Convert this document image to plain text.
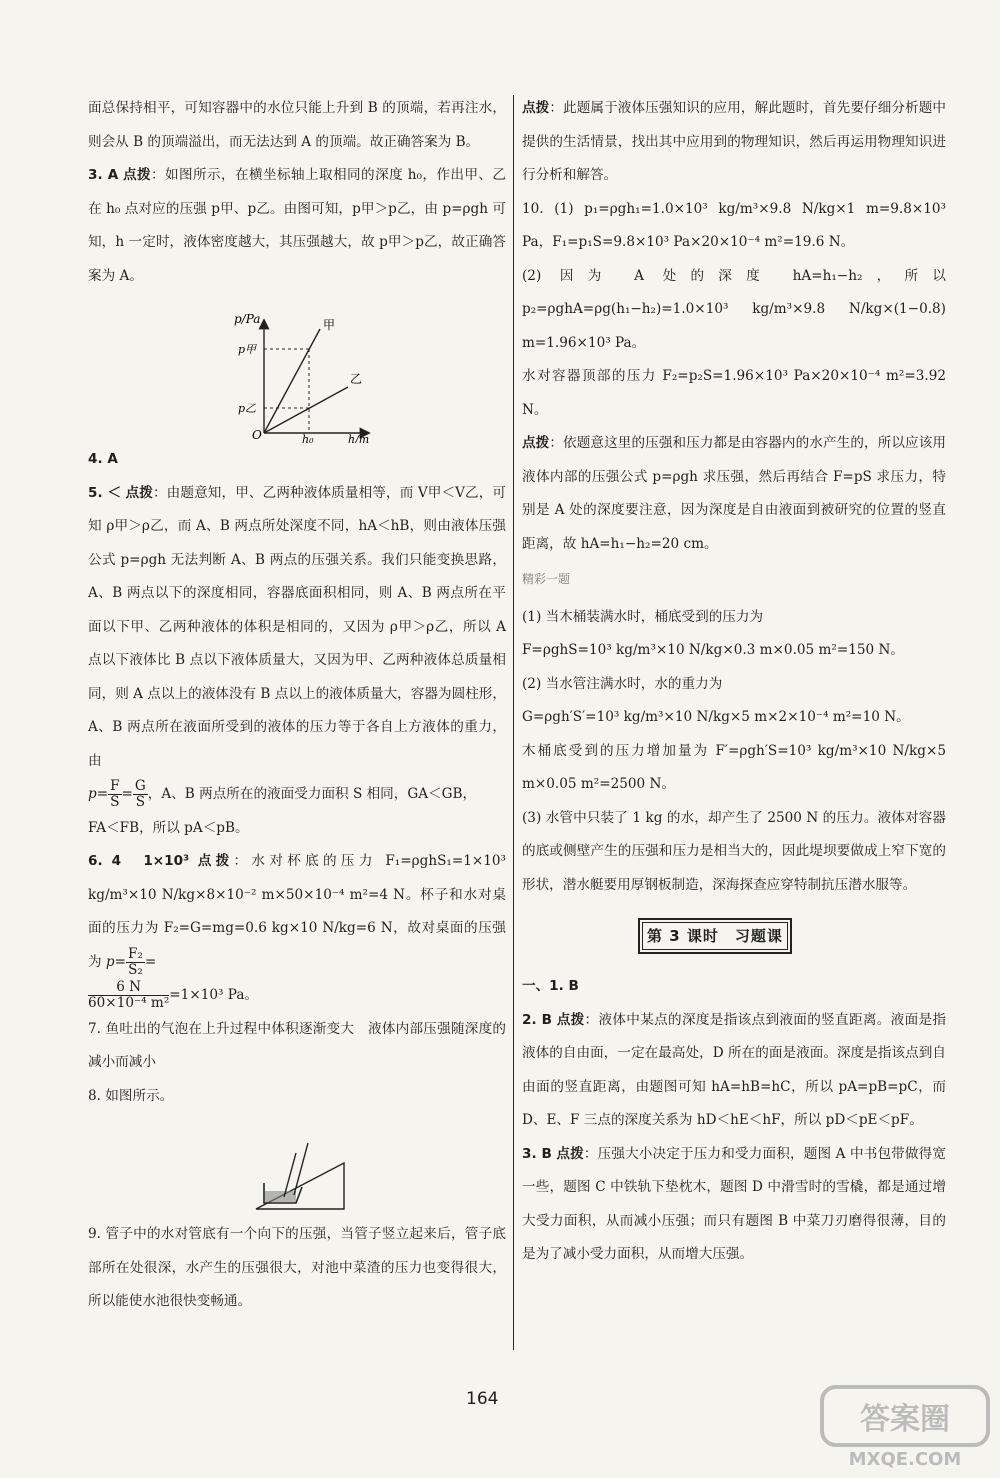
面总保持相平，可知容器中的水位只能上升到 B 的顶端，若再注水，则会从 B 的顶端溢出，而无法达到 A 的顶端。故正确答案为 B。

3. A 点拨：如图所示，在横坐标轴上取相同的深度 h₀，作出甲、乙在 h₀ 点对应的压强 p甲、p乙。由图可知，p甲＞p乙，由 p=ρgh 可知，h 一定时，液体密度越大，其压强越大，故 p甲＞p乙，故正确答案为 A。

p/Pa
p甲
p乙
甲
乙
O	h₀	h/m

4. A

5. ＜ 点拨：由题意知，甲、乙两种液体质量相等，而 V甲＜V乙，可知 ρ甲＞ρ乙，而 A、B 两点所处深度不同，hA＜hB，则由液体压强公式 p=ρgh 无法判断 A、B 两点的压强关系。我们只能变换思路，A、B 两点以下的深度相同，容器底面积相同，则 A、B 两点所在平面以下甲、乙两种液体的体积是相同的，又因为 ρ甲＞ρ乙，所以 A 点以下液体比 B 点以下液体质量大，又因为甲、乙两种液体总质量相同，则 A 点以上的液体没有 B 点以上的液体质量大，容器为圆柱形，A、B 两点所在液面所受到的液体的压力等于各自上方液体的重力，由

$p= \frac{F}{S} = \frac{G}{S}$ ，A、B 两点所在的液面受力面积 S 相同，GA＜GB，

FA＜FB，所以 pA＜pB。

6. 4　1×10³ 点拨：水对杯底的压力 F₁=ρghS₁=1×10³ kg/m³×10 N/kg×8×10⁻² m×50×10⁻⁴ m²=4 N。杯子和水对桌面的压力为 F₂=G=mg=0.6 kg×10 N/kg=6 N，故对桌面的压强为 $p= \frac{\text{F₂}}{\text{S₂}}$ =

$\frac{6 N}{\text{60×10⁻⁴ m²}} =1\times 10^3$ Pa。

7. 鱼吐出的气泡在上升过程中体积逐渐变大　液体内部压强随深度的减小而减小

8. 如图所示。

9. 管子中的水对管底有一个向下的压强，当管子竖立起来后，管子底部所在处很深，水产生的压强很大，对池中菜渣的压力也变得很大，所以能使水池很快变畅通。

点拨：此题属于液体压强知识的应用，解此题时，首先要仔细分析题中提供的生活情景，找出其中应用到的物理知识，然后再运用物理知识进行分析和解答。

10. (1) p₁=ρgh₁=1.0×10³ kg/m³×9.8 N/kg×1 m=9.8×10³ Pa，F₁=p₁S=9.8×10³ Pa×20×10⁻⁴ m²=19.6 N。

(2) 因为 A 处的深度 hA=h₁−h₂，所以 p₂=ρghA=ρg(h₁−h₂)=1.0×10³ kg/m³×9.8 N/kg×(1−0.8) m=1.96×10³ Pa。

水对容器顶部的压力 F₂=p₂S=1.96×10³ Pa×20×10⁻⁴ m²=3.92 N。

点拨：依题意这里的压强和压力都是由容器内的水产生的，所以应该用液体内部的压强公式 p=ρgh 求压强，然后再结合 F=pS 求压力，特别是 A 处的深度要注意，因为深度是自由液面到被研究的位置的竖直距离，故 hA=h₁−h₂=20 cm。

精彩一题

(1) 当木桶装满水时，桶底受到的压力为

F=ρghS=10³ kg/m³×10 N/kg×0.3 m×0.05 m²=150 N。

(2) 当水管注满水时，水的重力为

G=ρgh′S′=10³ kg/m³×10 N/kg×5 m×2×10⁻⁴ m²=10 N。

木桶底受到的压力增加量为 F′=ρgh′S=10³ kg/m³×10 N/kg×5 m×0.05 m²=2500 N。

(3) 水管中只装了 1 kg 的水，却产生了 2500 N 的压力。液体对容器的底或侧壁产生的压强和压力是相当大的，因此堤坝要做成上窄下宽的形状，潜水艇要用厚钢板制造，深海探查应穿特制抗压潜水服等。

第 3 课时　习题课

一、1. B

2. B 点拨：液体中某点的深度是指该点到液面的竖直距离。液面是指液体的自由面，一定在最高处，D 所在的面是液面。深度是指该点到自由面的竖直距离，由题图可知 hA=hB=hC，所以 pA=pB=pC，而 D、E、F 三点的深度关系为 hD＜hE＜hF，所以 pD＜pE＜pF。

3. B 点拨：压强大小决定于压力和受力面积，题图 A 中书包带做得宽一些，题图 C 中铁轨下垫枕木，题图 D 中滑雪时的雪橇，都是通过增大受力面积，从而减小压强；而只有题图 B 中菜刀刃磨得很薄，目的是为了减小受力面积，从而增大压强。

164
答案圈
MXQE.COM
